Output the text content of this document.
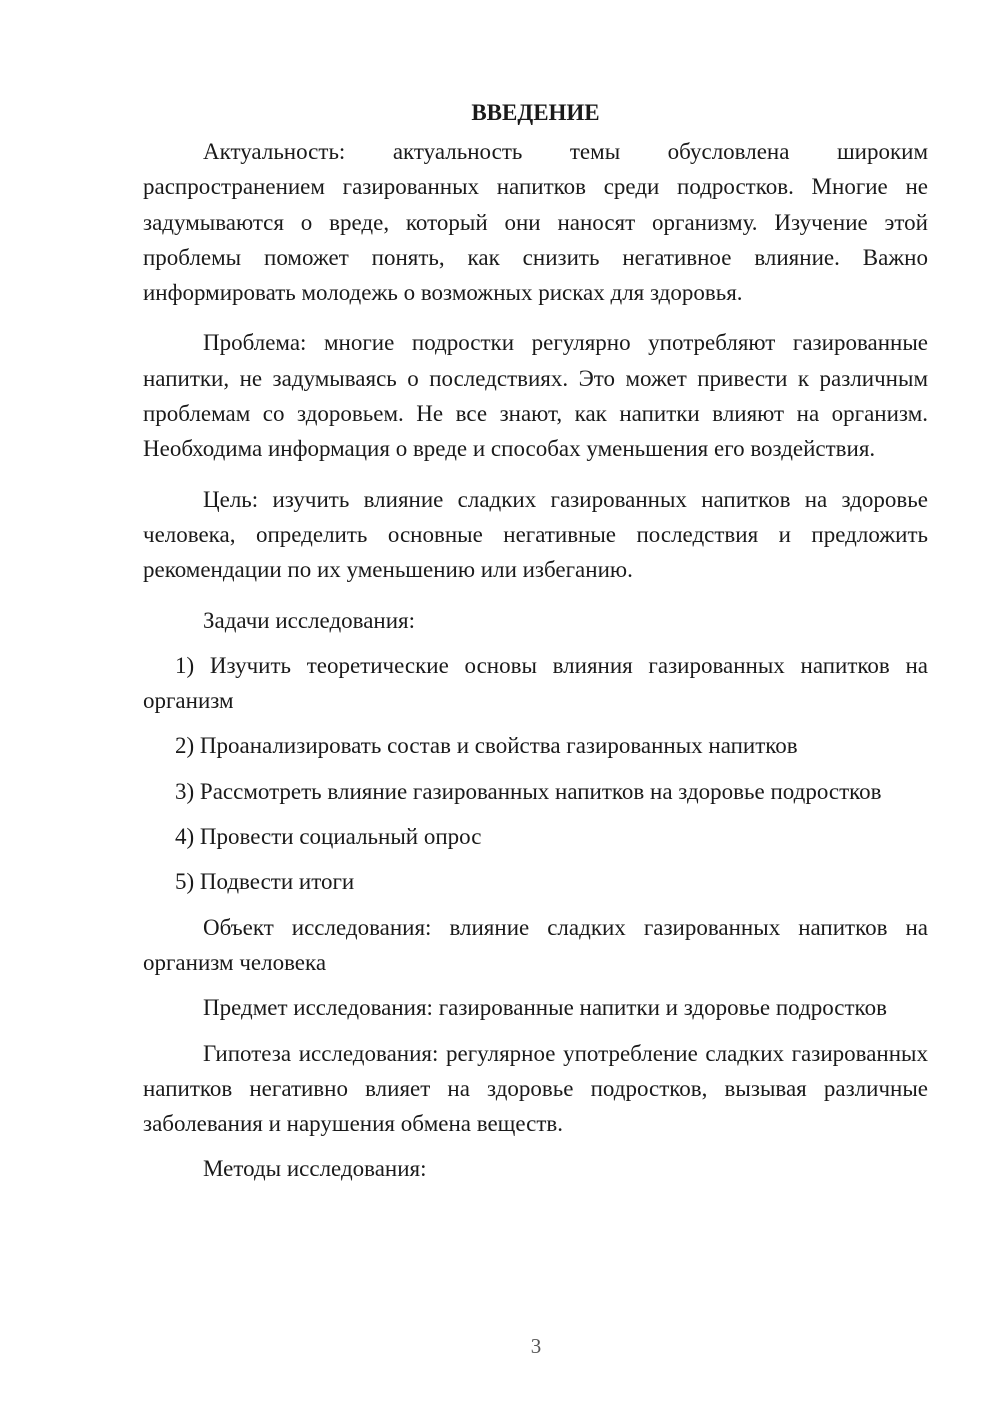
ВВЕДЕНИЕ

Актуальность: актуальность темы обусловлена широким распространением газированных напитков среди подростков. Многие не задумываются о вреде, который они наносят организму. Изучение этой проблемы поможет понять, как снизить негативное влияние. Важно информировать молодежь о возможных рисках для здоровья.

Проблема: многие подростки регулярно употребляют газированные напитки, не задумываясь о последствиях. Это может привести к различным проблемам со здоровьем. Не все знают, как напитки влияют на организм. Необходима информация о вреде и способах уменьшения его воздействия.

Цель: изучить влияние сладких газированных напитков на здоровье человека, определить основные негативные последствия и предложить рекомендации по их уменьшению или избеганию.

Задачи исследования:

1) Изучить теоретические основы влияния газированных напитков на организм

2) Проанализировать состав и свойства газированных напитков

3) Рассмотреть влияние газированных напитков на здоровье подростков

4) Провести социальный опрос

5) Подвести итоги

Объект исследования: влияние сладких газированных напитков на организм человека

Предмет исследования: газированные напитки и здоровье подростков

Гипотеза исследования: регулярное употребление сладких газированных напитков негативно влияет на здоровье подростков, вызывая различные заболевания и нарушения обмена веществ.

Методы исследования:

3
